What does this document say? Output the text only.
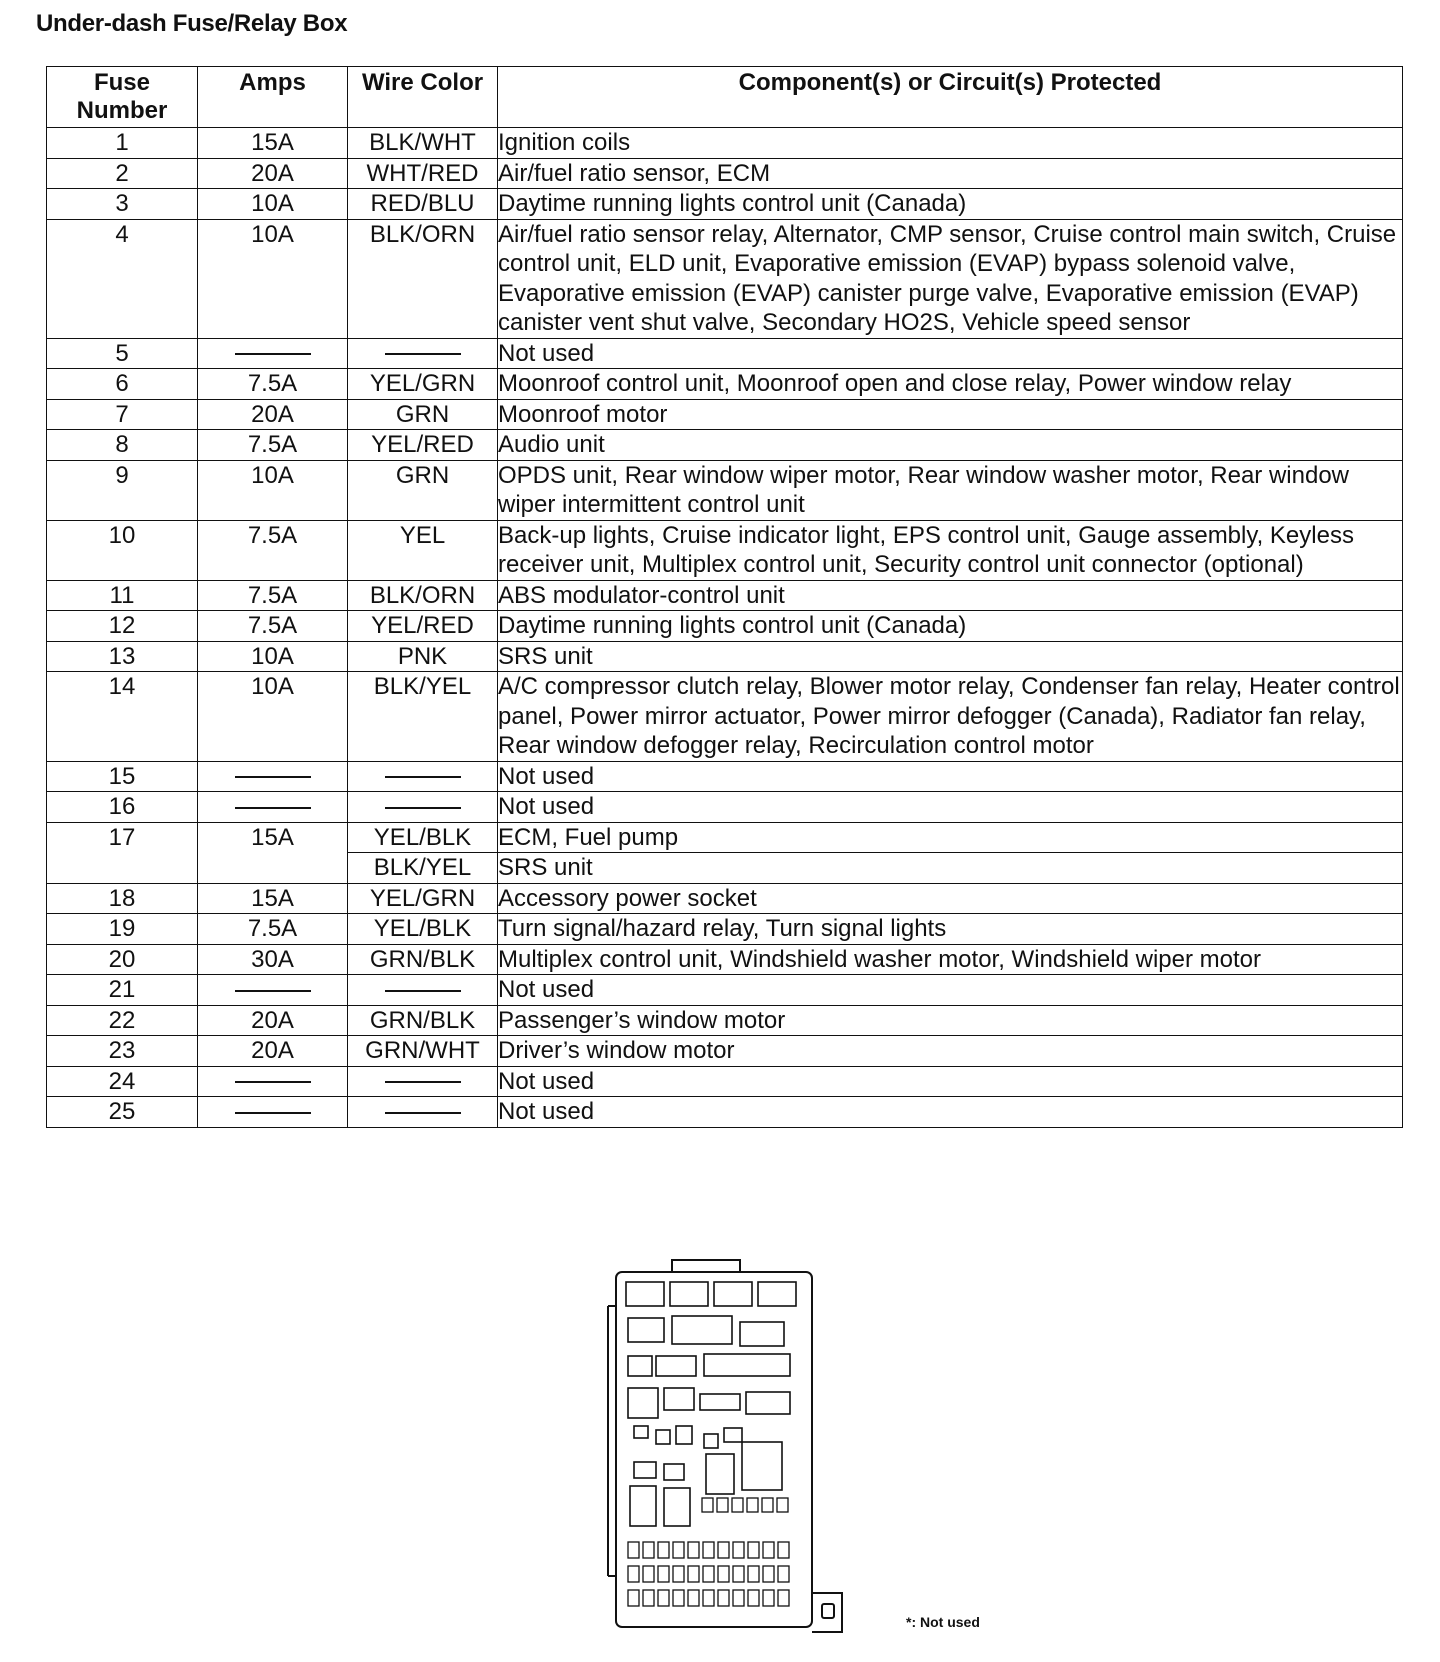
Under-dash Fuse/Relay Box
Fuse Number	Amps	Wire Color	Component(s) or Circuit(s) Protected
1	15A	BLK/WHT	Ignition coils
2	20A	WHT/RED	Air/fuel ratio sensor, ECM
3	10A	RED/BLU	Daytime running lights control unit (Canada)
4	10A	BLK/ORN	Air/fuel ratio sensor relay, Alternator, CMP sensor, Cruise control main switch, Cruise control unit, ELD unit, Evaporative emission (EVAP) bypass solenoid valve, Evaporative emission (EVAP) canister purge valve, Evaporative emission (EVAP) canister vent shut valve, Secondary HO2S, Vehicle speed sensor
5			Not used
6	7.5A	YEL/GRN	Moonroof control unit, Moonroof open and close relay, Power window relay
7	20A	GRN	Moonroof motor
8	7.5A	YEL/RED	Audio unit
9	10A	GRN	OPDS unit, Rear window wiper motor, Rear window washer motor, Rear window wiper intermittent control unit
10	7.5A	YEL	Back-up lights, Cruise indicator light, EPS control unit, Gauge assembly, Keyless receiver unit, Multiplex control unit, Security control unit connector (optional)
11	7.5A	BLK/ORN	ABS modulator-control unit
12	7.5A	YEL/RED	Daytime running lights control unit (Canada)
13	10A	PNK	SRS unit
14	10A	BLK/YEL	A/C compressor clutch relay, Blower motor relay, Condenser fan relay, Heater control panel, Power mirror actuator, Power mirror defogger (Canada), Radiator fan relay, Rear window defogger relay, Recirculation control motor
15			Not used
16			Not used
17	15A	YEL/BLK	ECM, Fuel pump
		BLK/YEL	SRS unit
18	15A	YEL/GRN	Accessory power socket
19	7.5A	YEL/BLK	Turn signal/hazard relay, Turn signal lights
20	30A	GRN/BLK	Multiplex control unit, Windshield washer motor, Windshield wiper motor
21			Not used
22	20A	GRN/BLK	Passenger’s window motor
23	20A	GRN/WHT	Driver’s window motor
24			Not used
25			Not used
*: Not used
